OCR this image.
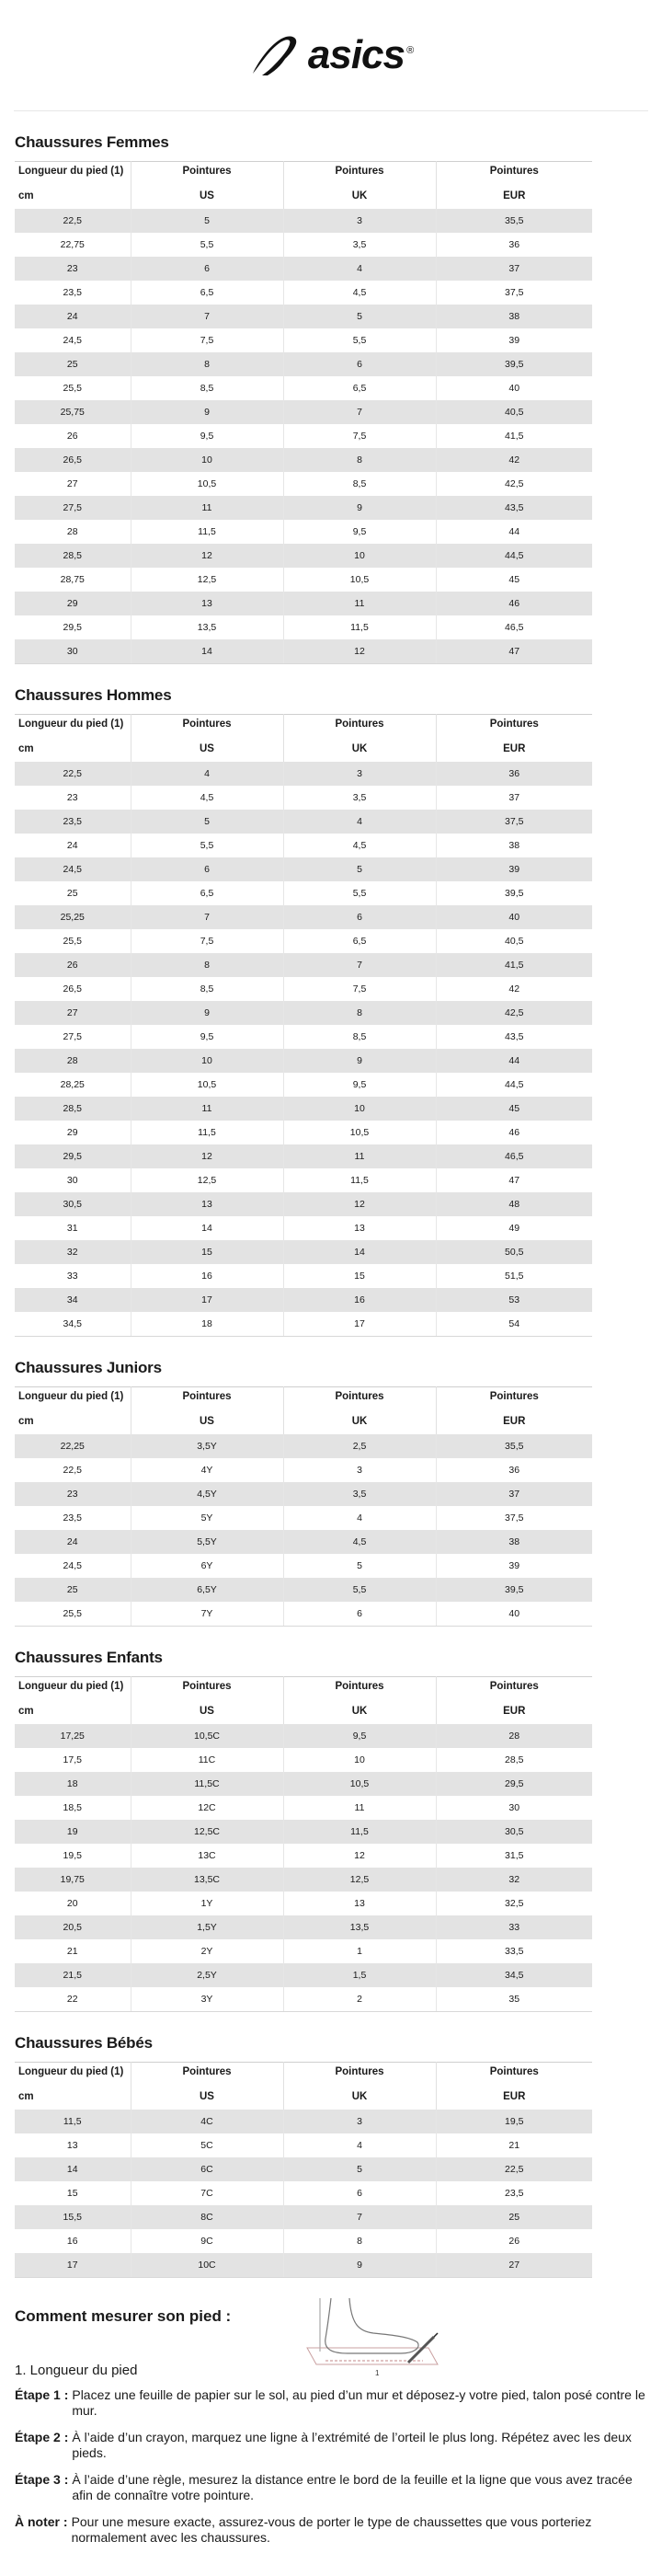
asics ®
Chaussures Femmes
Longueur du pied (1)	Pointures	Pointures	Pointures
cm	US	UK	EUR
22,5	5	3	35,5
22,75	5,5	3,5	36
23	6	4	37
23,5	6,5	4,5	37,5
24	7	5	38
24,5	7,5	5,5	39
25	8	6	39,5
25,5	8,5	6,5	40
25,75	9	7	40,5
26	9,5	7,5	41,5
26,5	10	8	42
27	10,5	8,5	42,5
27,5	11	9	43,5
28	11,5	9,5	44
28,5	12	10	44,5
28,75	12,5	10,5	45
29	13	11	46
29,5	13,5	11,5	46,5
30	14	12	47
Chaussures Hommes
Longueur du pied (1)	Pointures	Pointures	Pointures
cm	US	UK	EUR
22,5	4	3	36
23	4,5	3,5	37
23,5	5	4	37,5
24	5,5	4,5	38
24,5	6	5	39
25	6,5	5,5	39,5
25,25	7	6	40
25,5	7,5	6,5	40,5
26	8	7	41,5
26,5	8,5	7,5	42
27	9	8	42,5
27,5	9,5	8,5	43,5
28	10	9	44
28,25	10,5	9,5	44,5
28,5	11	10	45
29	11,5	10,5	46
29,5	12	11	46,5
30	12,5	11,5	47
30,5	13	12	48
31	14	13	49
32	15	14	50,5
33	16	15	51,5
34	17	16	53
34,5	18	17	54
Chaussures Juniors
Longueur du pied (1)	Pointures	Pointures	Pointures
cm	US	UK	EUR
22,25	3,5Y	2,5	35,5
22,5	4Y	3	36
23	4,5Y	3,5	37
23,5	5Y	4	37,5
24	5,5Y	4,5	38
24,5	6Y	5	39
25	6,5Y	5,5	39,5
25,5	7Y	6	40
Chaussures Enfants
Longueur du pied (1)	Pointures	Pointures	Pointures
cm	US	UK	EUR
17,25	10,5C	9,5	28
17,5	11C	10	28,5
18	11,5C	10,5	29,5
18,5	12C	11	30
19	12,5C	11,5	30,5
19,5	13C	12	31,5
19,75	13,5C	12,5	32
20	1Y	13	32,5
20,5	1,5Y	13,5	33
21	2Y	1	33,5
21,5	2,5Y	1,5	34,5
22	3Y	2	35
Chaussures Bébés
Longueur du pied (1)	Pointures	Pointures	Pointures
cm	US	UK	EUR
11,5	4C	3	19,5
13	5C	4	21
14	6C	5	22,5
15	7C	6	23,5
15,5	8C	7	25
16	9C	8	26
17	10C	9	27
Comment mesurer son pied :
1
1. Longueur du pied
Étape 1 : Placez une feuille de papier sur le sol, au pied d’un mur et déposez-y votre pied, talon posé contre le mur.
Étape 2 : À l’aide d’un crayon, marquez une ligne à l’extrémité de l’orteil le plus long. Répétez avec les deux pieds.
Étape 3 : À l’aide d’une règle, mesurez la distance entre le bord de la feuille et la ligne que vous avez tracée afin de connaître votre pointure.
À noter : Pour une mesure exacte, assurez-vous de porter le type de chaussettes que vous porteriez normalement avec les chaussures.
